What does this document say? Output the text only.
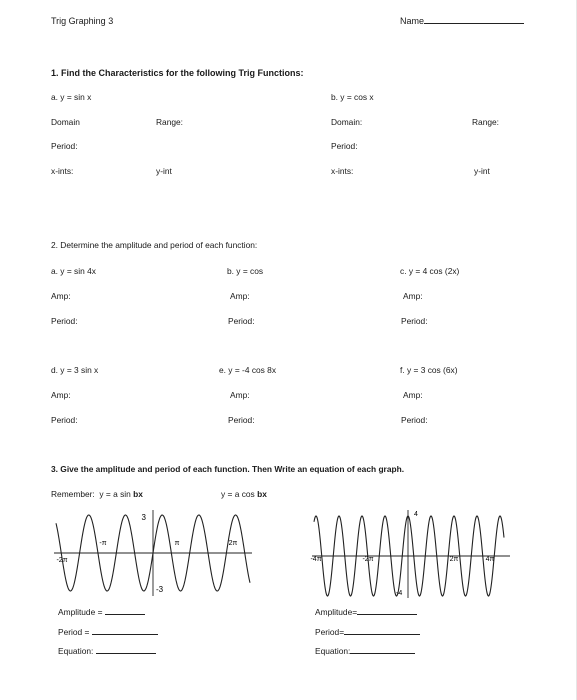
Trig Graphing 3	Name
1. Find the Characteristics for the following Trig Functions:
a. y = sin x	b. y = cos x
Domain	Range:	Domain:	Range:
Period:	Period:
x-ints:	y-int	x-ints:	y-int
2. Determine the amplitude and period of each function:
a. y = sin 4x
Amp:
Period:
b. y = cos
Amp:
Period:
c. y = 4 cos (2x)
Amp:
Period:
d. y = 3 sin x
Amp:
Period:
e. y = -4 cos 8x
Amp:
Period:
f. y = 3 cos (6x)
Amp:
Period:
3. Give the amplitude and period of each function. Then Write an equation of each graph.
Remember: y = a sin bx	y = a cos bx
3
-3
-π	π
-2π
2π
4
-4
-4π	-2π	2π	4π
Amplitude =
Period =
Equation:
Amplitude=
Period=
Equation:
